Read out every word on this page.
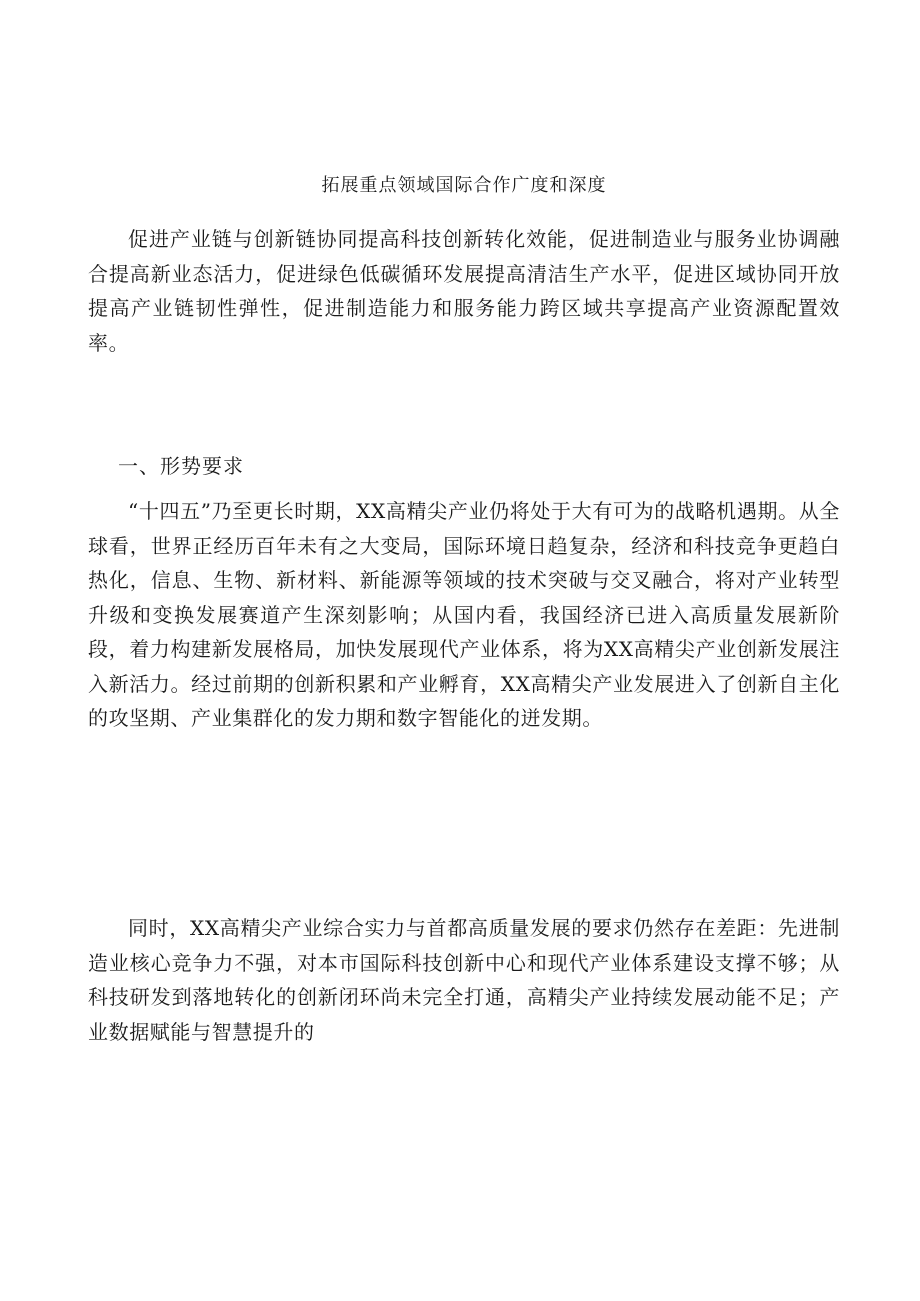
拓展重点领域国际合作广度和深度

促进产业链与创新链协同提高科技创新转化效能，促进制造业与服务业协调融合提高新业态活力，促进绿色低碳循环发展提高清洁生产水平，促进区域协同开放提高产业链韧性弹性，促进制造能力和服务能力跨区域共享提高产业资源配置效率。

一、形势要求

“十四五”乃至更长时期，XX高精尖产业仍将处于大有可为的战略机遇期。从全球看，世界正经历百年未有之大变局，国际环境日趋复杂，经济和科技竞争更趋白热化，信息、生物、新材料、新能源等领域的技术突破与交叉融合，将对产业转型升级和变换发展赛道产生深刻影响；从国内看，我国经济已进入高质量发展新阶段，着力构建新发展格局，加快发展现代产业体系，将为XX高精尖产业创新发展注入新活力。经过前期的创新积累和产业孵育，XX高精尖产业发展进入了创新自主化的攻坚期、产业集群化的发力期和数字智能化的迸发期。

同时，XX高精尖产业综合实力与首都高质量发展的要求仍然存在差距：先进制造业核心竞争力不强，对本市国际科技创新中心和现代产业体系建设支撑不够；从科技研发到落地转化的创新闭环尚未完全打通，高精尖产业持续发展动能不足；产业数据赋能与智慧提升的
